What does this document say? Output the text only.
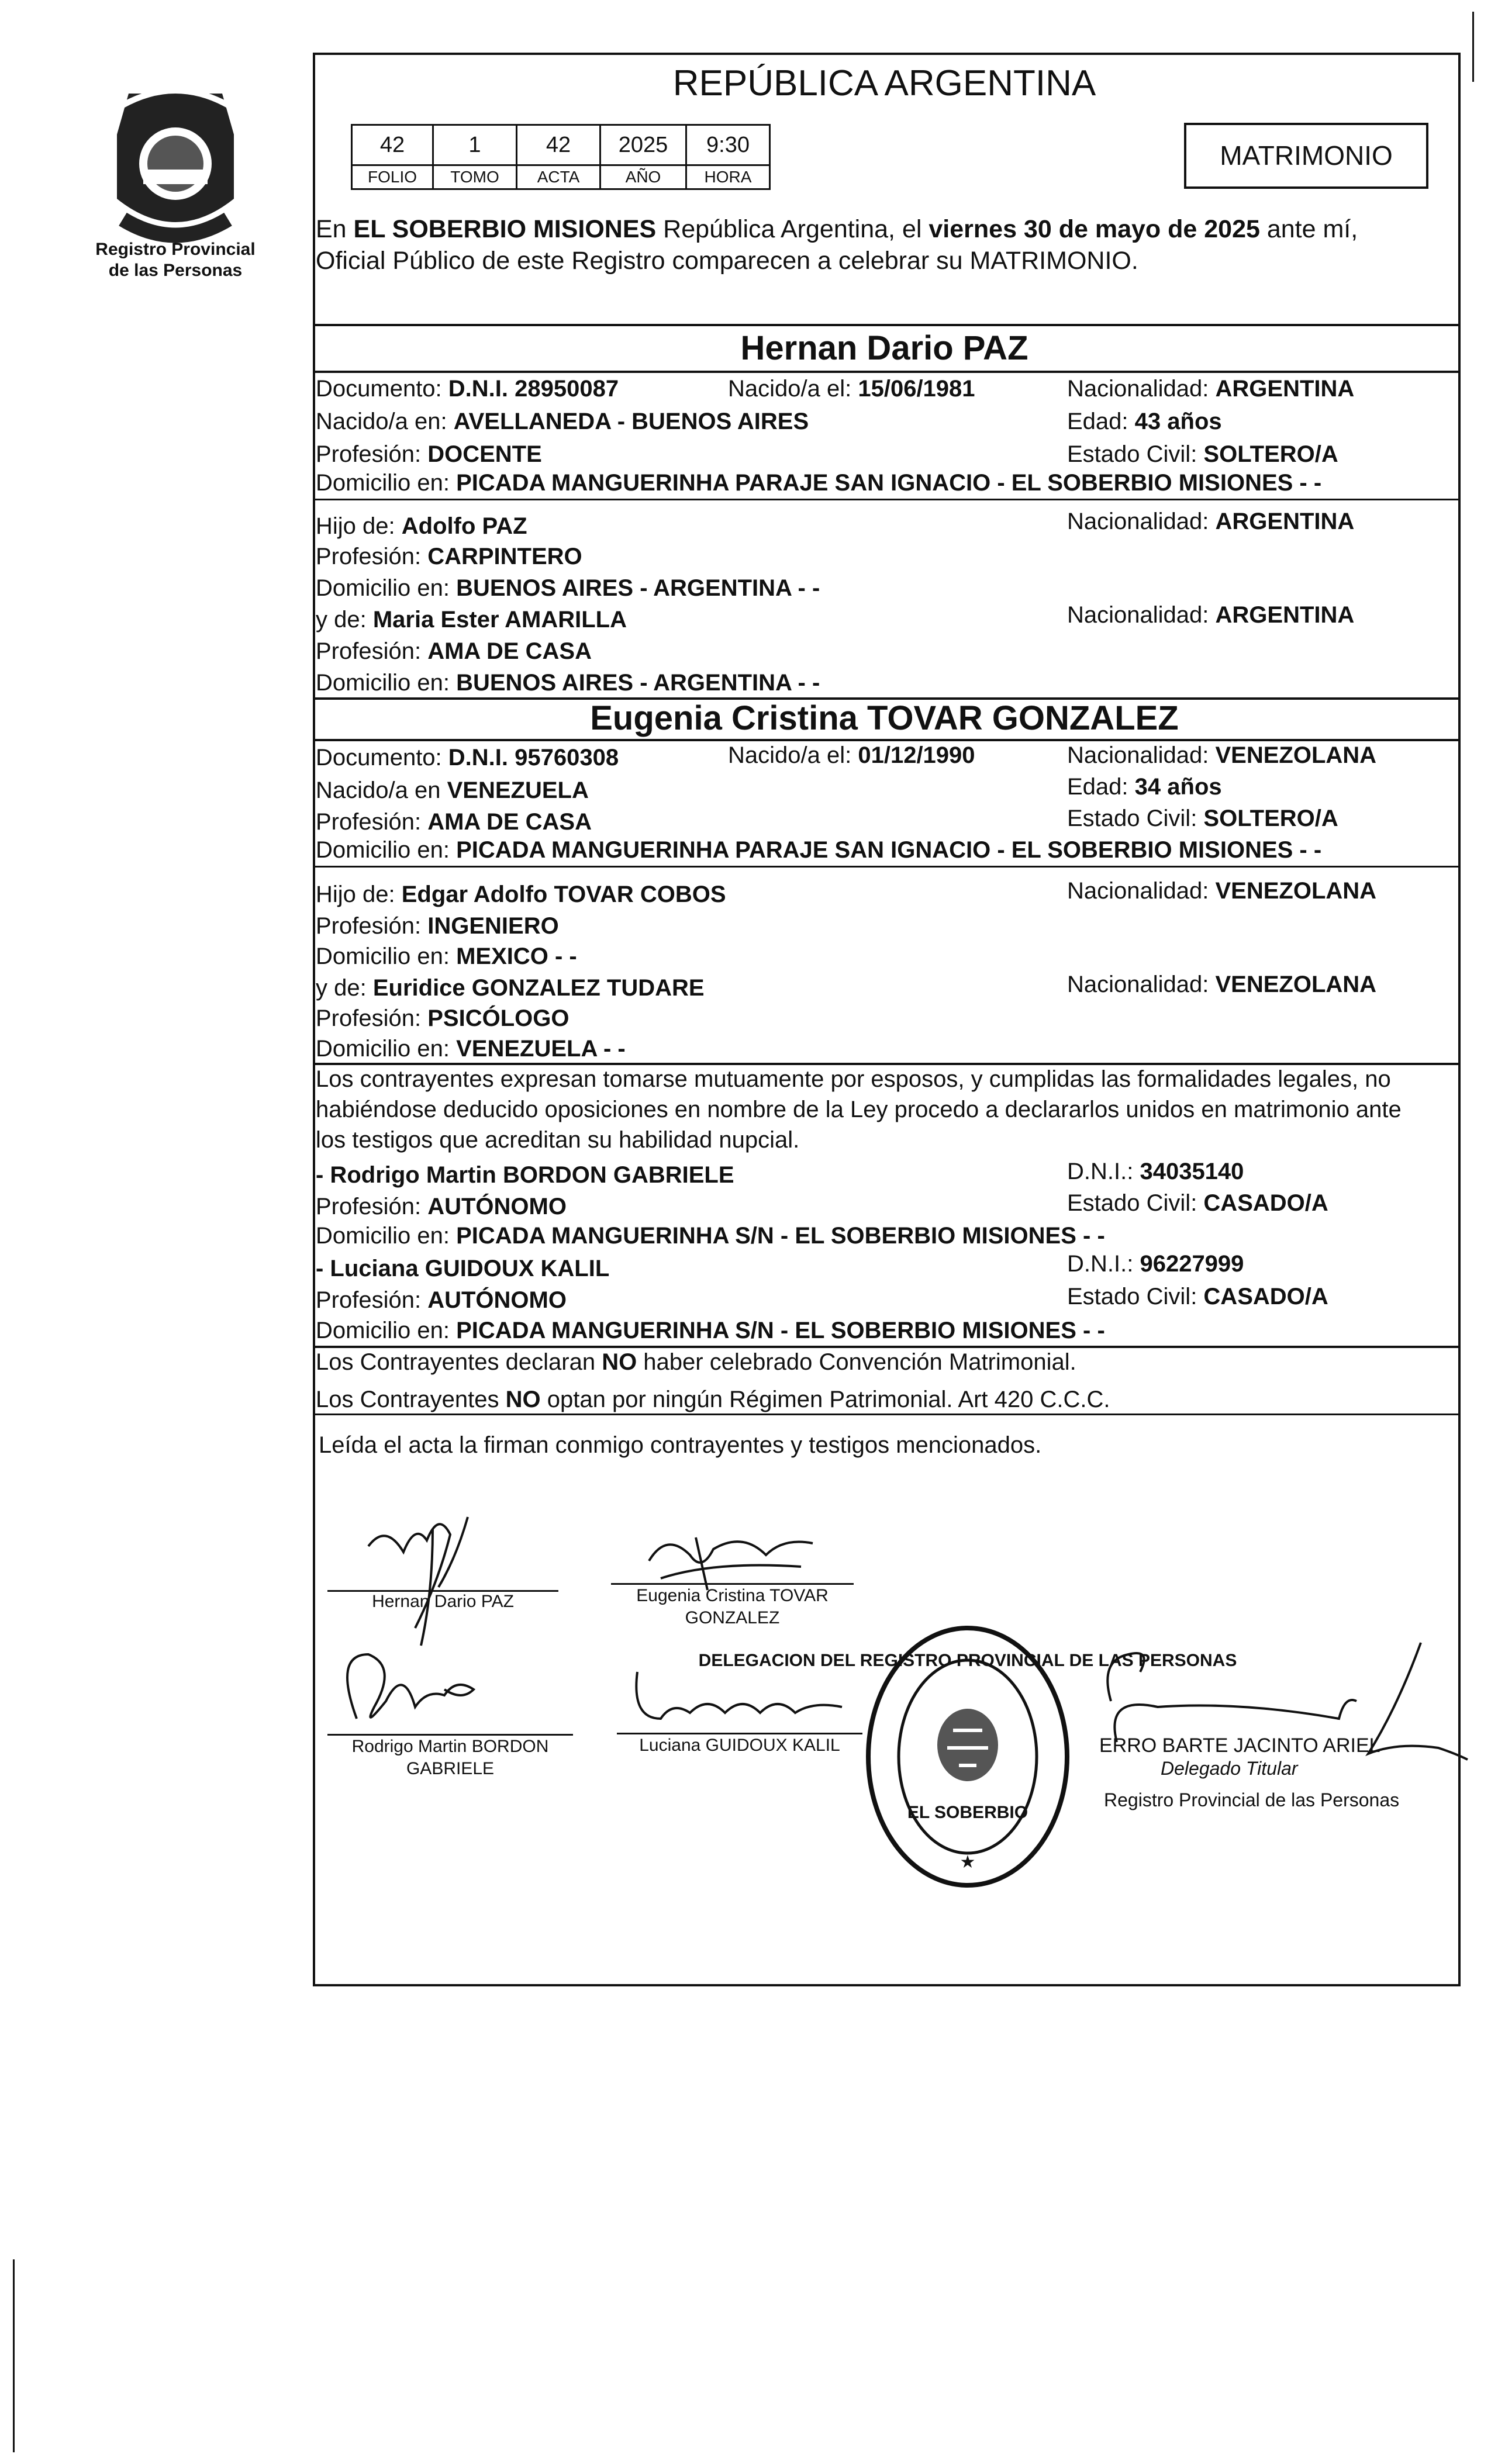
Registro Provincial
de las Personas
REPÚBLICA ARGENTINA
42	1	42	2025	9:30
FOLIO	TOMO	ACTA	AÑO	HORA
MATRIMONIO
En EL SOBERBIO MISIONES República Argentina, el viernes 30 de mayo de 2025 ante mí,
Oficial Público de este Registro comparecen a celebrar su MATRIMONIO.
Hernan Dario PAZ
Documento: D.N.I. 28950087	Nacido/a el: 15/06/1981	Nacionalidad: ARGENTINA
Nacido/a en: AVELLANEDA - BUENOS AIRES	Edad: 43 años
Profesión: DOCENTE	Estado Civil: SOLTERO/A
Domicilio en: PICADA MANGUERINHA PARAJE SAN IGNACIO - EL SOBERBIO MISIONES - -
Hijo de: Adolfo PAZ	Nacionalidad: ARGENTINA
Profesión: CARPINTERO
Domicilio en: BUENOS AIRES - ARGENTINA - -
y de: Maria Ester AMARILLA	Nacionalidad: ARGENTINA
Profesión: AMA DE CASA
Domicilio en: BUENOS AIRES - ARGENTINA - -
Eugenia Cristina TOVAR GONZALEZ
Documento: D.N.I. 95760308	Nacido/a el: 01/12/1990	Nacionalidad: VENEZOLANA
Nacido/a en VENEZUELA	Edad: 34 años
Profesión: AMA DE CASA	Estado Civil: SOLTERO/A
Domicilio en: PICADA MANGUERINHA PARAJE SAN IGNACIO - EL SOBERBIO MISIONES - -
Hijo de: Edgar Adolfo TOVAR COBOS	Nacionalidad: VENEZOLANA
Profesión: INGENIERO
Domicilio en: MEXICO - -
y de: Euridice GONZALEZ TUDARE	Nacionalidad: VENEZOLANA
Profesión: PSICÓLOGO
Domicilio en: VENEZUELA - -
Los contrayentes expresan tomarse mutuamente por esposos, y cumplidas las formalidades legales, no
habiéndose deducido oposiciones en nombre de la Ley procedo a declararlos unidos en matrimonio ante
los testigos que acreditan su habilidad nupcial.
- Rodrigo Martin BORDON GABRIELE	D.N.I.: 34035140
Profesión: AUTÓNOMO	Estado Civil: CASADO/A
Domicilio en: PICADA MANGUERINHA S/N - EL SOBERBIO MISIONES - -
- Luciana GUIDOUX KALIL	D.N.I.: 96227999
Profesión: AUTÓNOMO	Estado Civil: CASADO/A
Domicilio en: PICADA MANGUERINHA S/N - EL SOBERBIO MISIONES - -
Los Contrayentes declaran NO haber celebrado Convención Matrimonial.
Los Contrayentes NO optan por ningún Régimen Patrimonial. Art 420 C.C.C.
Leída el acta la firman conmigo contrayentes y testigos mencionados.
Hernan Dario PAZ	Eugenia Cristina TOVAR
GONZALEZ
Rodrigo Martin BORDON
GABRIELE
Luciana GUIDOUX KALIL
DELEGACION DEL REGISTRO PROVINCIAL DE LAS PERSONAS
EL SOBERBIO
★
ERRO BARTE JACINTO ARIEL
Delegado Titular
Registro Provincial de las Personas
